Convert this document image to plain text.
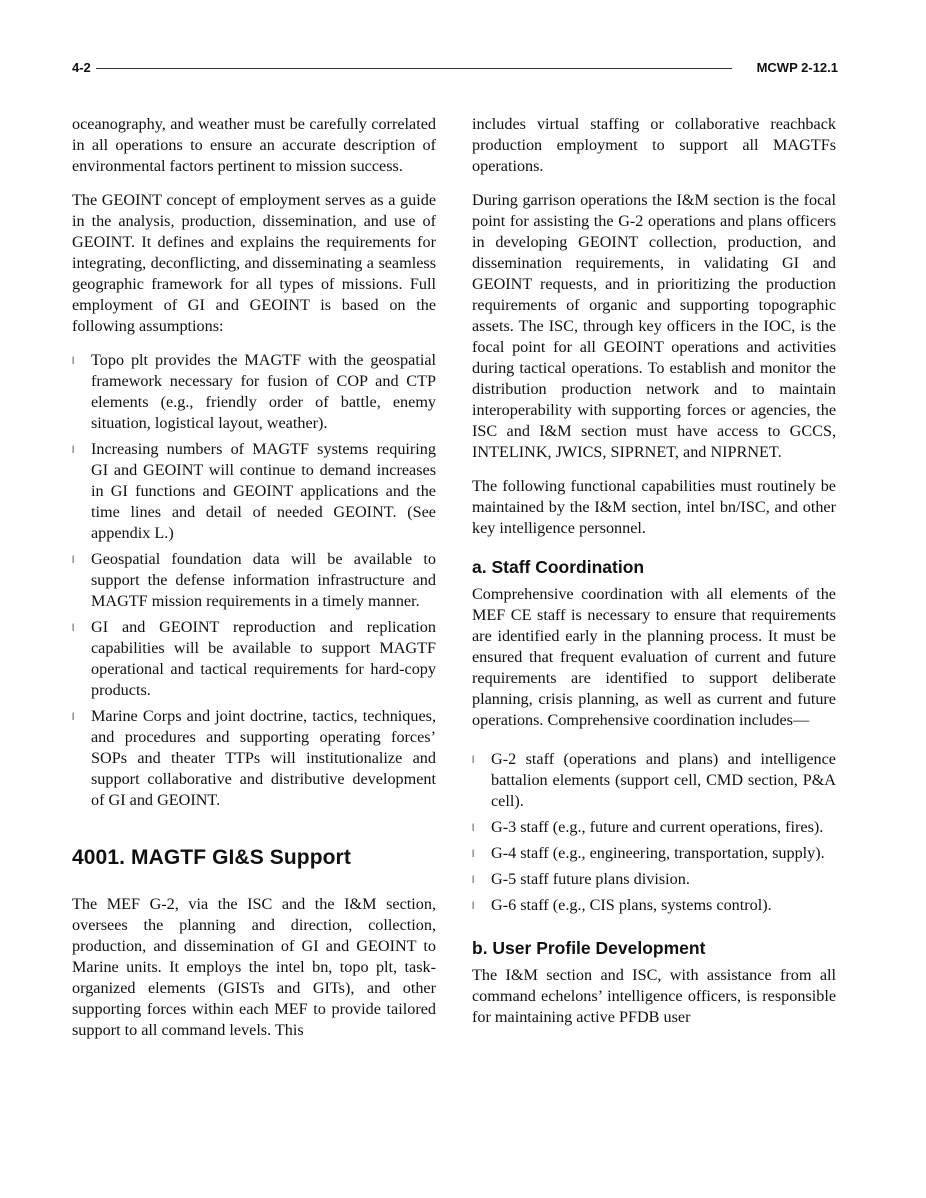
4-2	MCWP 2-12.1

oceanography, and weather must be carefully correlated in all operations to ensure an accurate description of environmental factors pertinent to mission success.

The GEOINT concept of employment serves as a guide in the analysis, production, dissemination, and use of GEOINT. It defines and explains the requirements for integrating, deconflicting, and disseminating a seamless geographic framework for all types of missions. Full employment of GI and GEOINT is based on the following assumptions:

l Topo plt provides the MAGTF with the geospatial framework necessary for fusion of COP and CTP elements (e.g., friendly order of battle, enemy situation, logistical layout, weather).
l Increasing numbers of MAGTF systems requiring GI and GEOINT will continue to demand increases in GI functions and GEOINT applications and the time lines and detail of needed GEOINT. (See appendix L.)
l Geospatial foundation data will be available to support the defense information infrastructure and MAGTF mission requirements in a timely manner.
l GI and GEOINT reproduction and replication capabilities will be available to support MAGTF operational and tactical requirements for hard-copy products.
l Marine Corps and joint doctrine, tactics, techniques, and procedures and supporting operating forces’ SOPs and theater TTPs will institutionalize and support collaborative and distributive development of GI and GEOINT.
4001. MAGTF GI&S Support

The MEF G-2, via the ISC and the I&M section, oversees the planning and direction, collection, production, and dissemination of GI and GEOINT to Marine units. It employs the intel bn, topo plt, task-organized elements (GISTs and GITs), and other supporting forces within each MEF to provide tailored support to all command levels. This

includes virtual staffing or collaborative reachback production employment to support all MAGTFs operations.

During garrison operations the I&M section is the focal point for assisting the G-2 operations and plans officers in developing GEOINT collection, production, and dissemination requirements, in validating GI and GEOINT requests, and in prioritizing the production requirements of organic and supporting topographic assets. The ISC, through key officers in the IOC, is the focal point for all GEOINT operations and activities during tactical operations. To establish and monitor the distribution production network and to maintain interoperability with supporting forces or agencies, the ISC and I&M section must have access to GCCS, INTELINK, JWICS, SIPRNET, and NIPRNET.

The following functional capabilities must routinely be maintained by the I&M section, intel bn/ISC, and other key intelligence personnel.

a. Staff Coordination

Comprehensive coordination with all elements of the MEF CE staff is necessary to ensure that requirements are identified early in the planning process. It must be ensured that frequent evaluation of current and future requirements are identified to support deliberate planning, crisis planning, as well as current and future operations. Comprehensive coordination includes—

l G-2 staff (operations and plans) and intelligence battalion elements (support cell, CMD section, P&A cell).
l G-3 staff (e.g., future and current operations, fires).
l G-4 staff (e.g., engineering, transportation, supply).
l G-5 staff future plans division.
l G-6 staff (e.g., CIS plans, systems control).
b. User Profile Development

The I&M section and ISC, with assistance from all command echelons’ intelligence officers, is responsible for maintaining active PFDB user
